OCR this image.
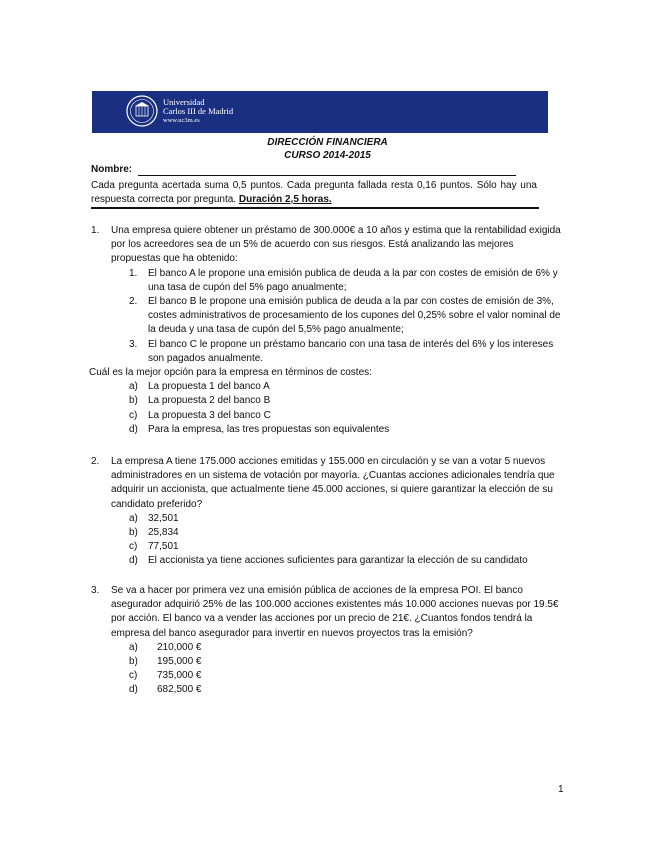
Universidad
Carlos III de Madrid
www.uc3m.es
DIRECCIÓN FINANCIERA
CURSO 2014-2015
Nombre:
Cada pregunta acertada suma 0,5 puntos. Cada pregunta fallada resta 0,16 puntos. Sólo hay una respuesta correcta por pregunta. Duración 2,5 horas.
1. Una empresa quiere obtener un préstamo de 300.000€ a 10 años y estima que la rentabilidad exigida por los acreedores sea de un 5% de acuerdo con sus riesgos. Está analizando las mejores propuestas que ha obtenido:
1. El banco A le propone una emisión publica de deuda a la par con costes de emisión de 6% y una tasa de cupón del 5% pago anualmente;
2. El banco B le propone una emisión publica de deuda a la par con costes de emisión de 3%, costes administrativos de procesamiento de los cupones del 0,25% sobre el valor nominal de la deuda y una tasa de cupón del 5,5% pago anualmente;
3. El banco C le propone un préstamo bancario con una tasa de interés del 6% y los intereses son pagados anualmente.
Cuál es la mejor opción para la empresa en términos de costes:
a) La propuesta 1 del banco A
b) La propuesta 2 del banco B
c) La propuesta 3 del banco C
d) Para la empresa, las tres propuestas son equivalentes
2. La empresa A tiene 175.000 acciones emitidas y 155.000 en circulación y se van a votar 5 nuevos administradores en un sistema de votación por mayoría. ¿Cuantas acciones adicionales tendría que adquirir un accionista, que actualmente tiene 45.000 acciones, si quiere garantizar la elección de su candidato preferido?
a) 32,501
b) 25,834
c) 77,501
d) El accionista ya tiene acciones suficientes para garantizar la elección de su candidato
3. Se va a hacer por primera vez una emisión pública de acciones de la empresa POI. El banco asegurador adquirió 25% de las 100.000 acciones existentes más 10.000 acciones nuevas por 19.5€ por acción. El banco va a vender las acciones por un precio de 21€. ¿Cuantos fondos tendrá la empresa del banco asegurador para invertir en nuevos proyectos tras la emisión?
a) 210,000 €
b) 195,000 €
c) 735,000 €
d) 682,500 €
1
